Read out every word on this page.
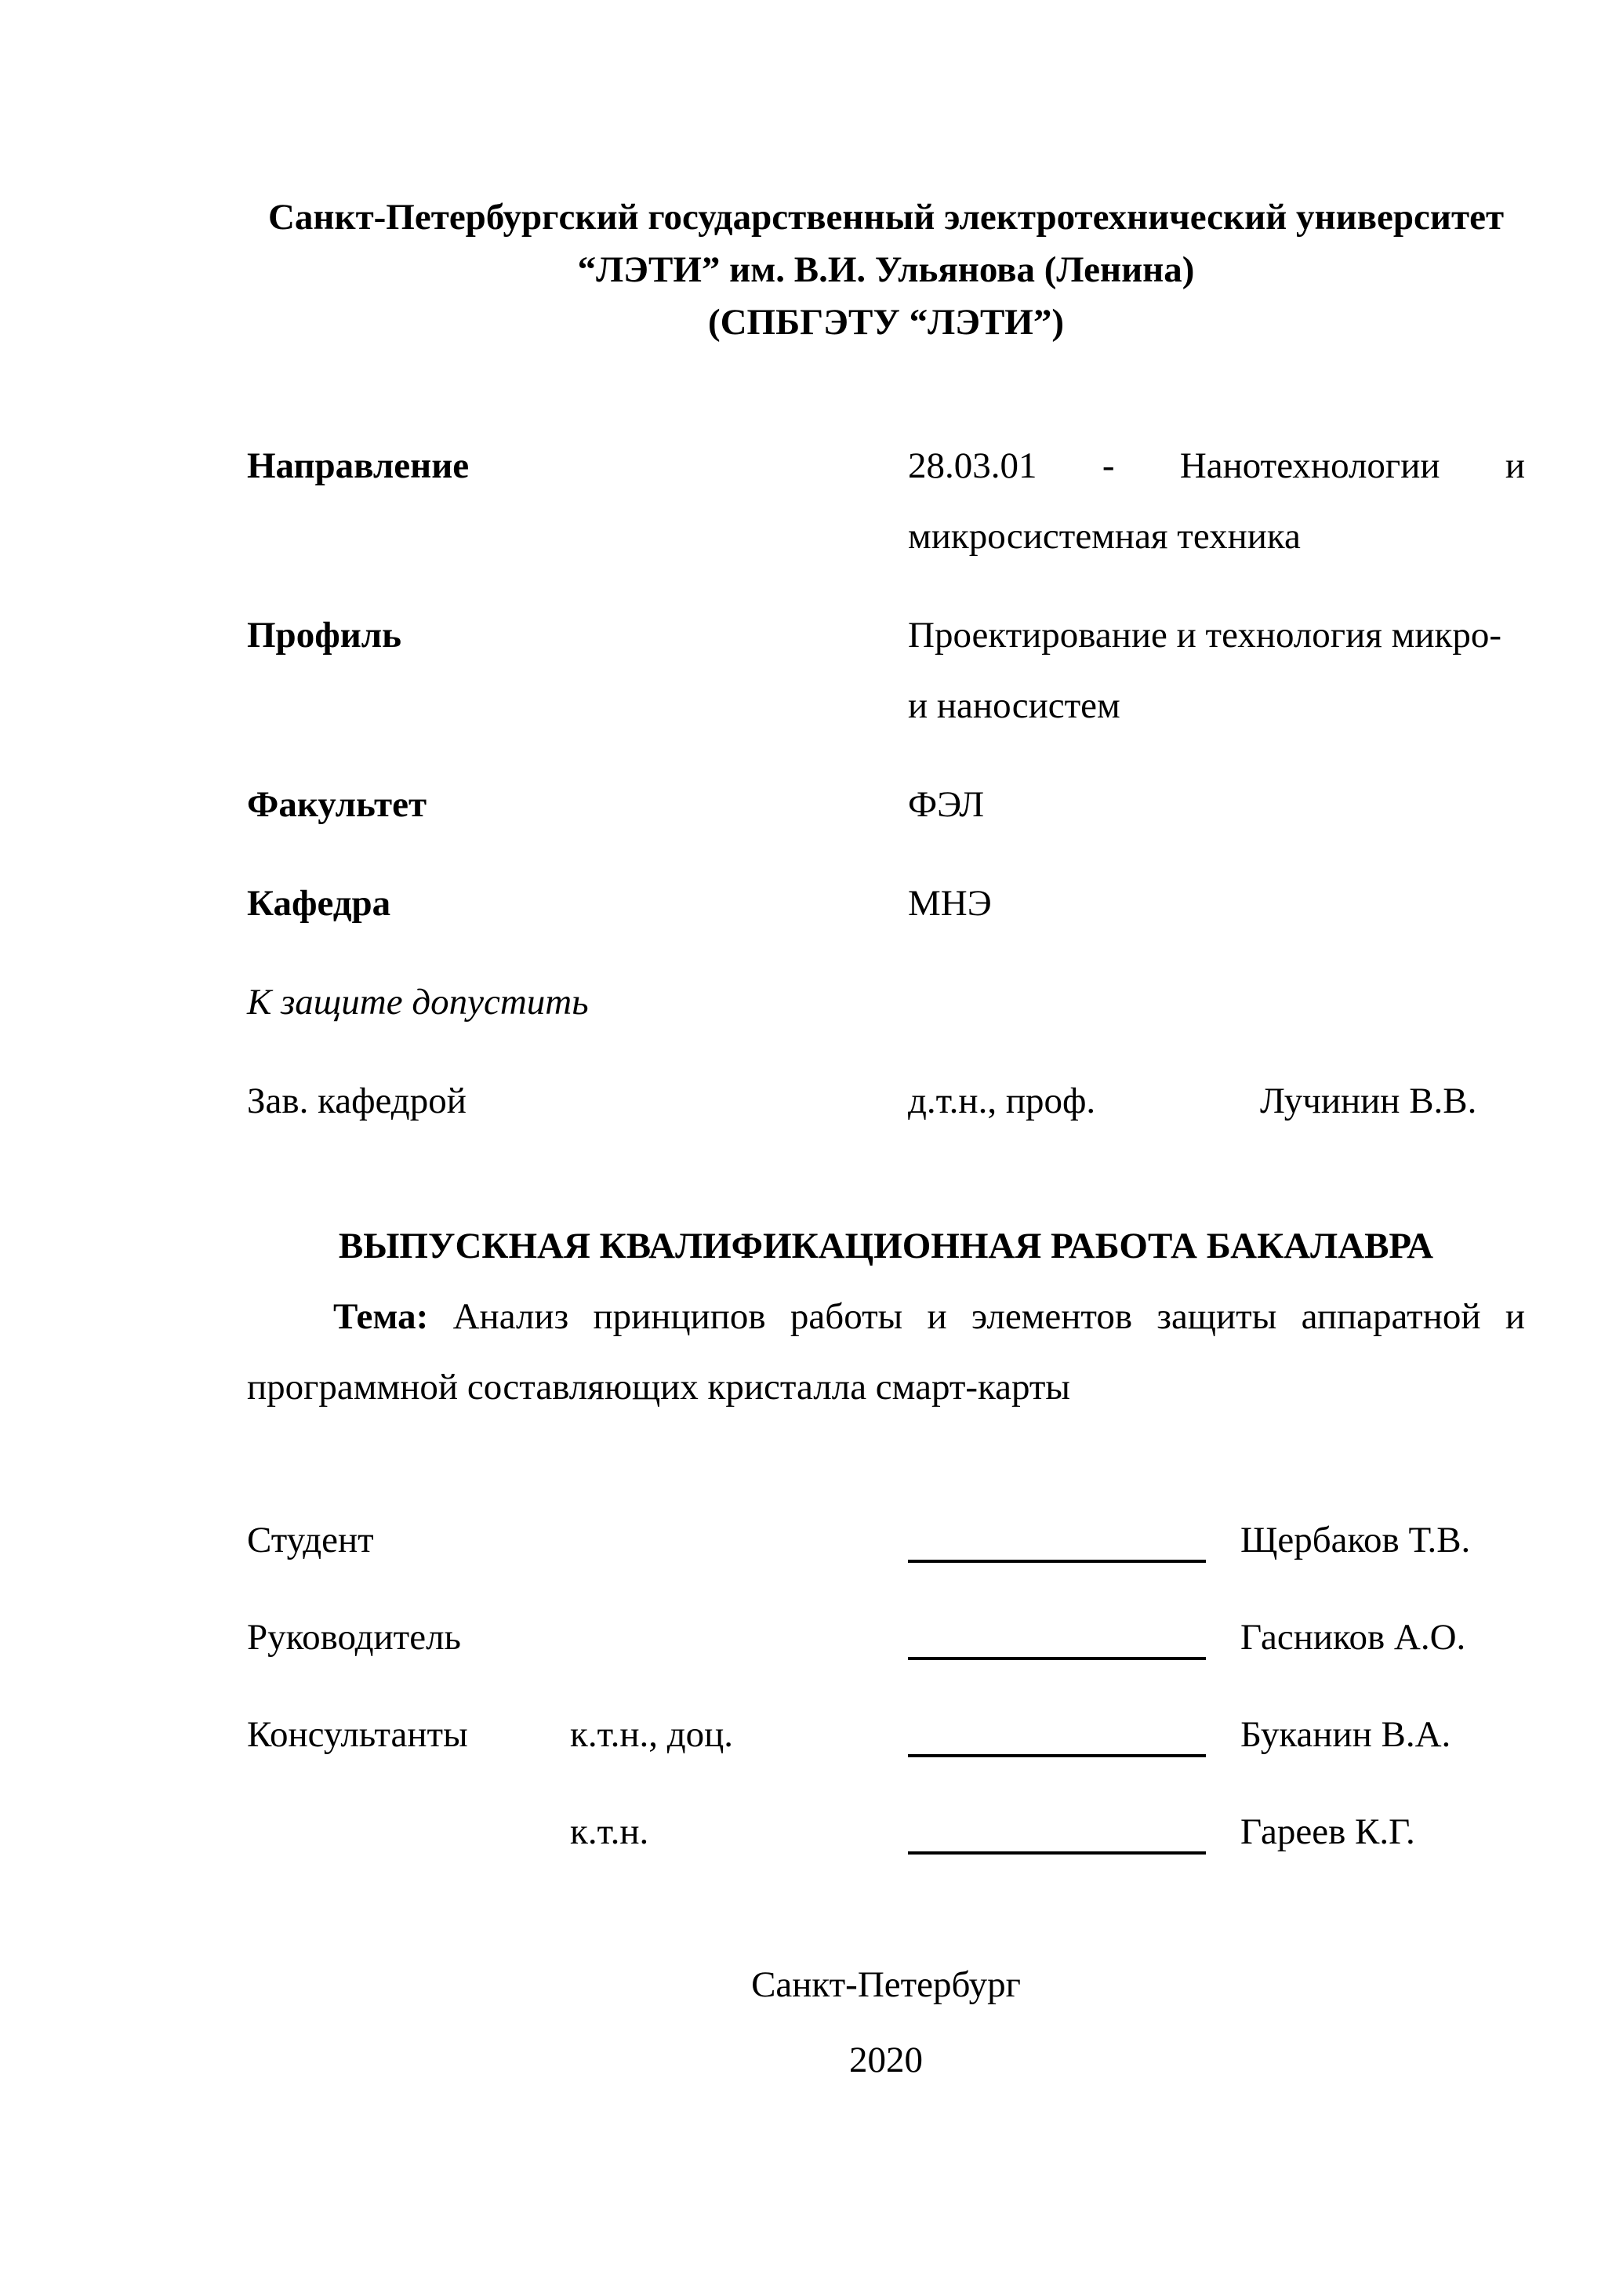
Санкт-Петербургский государственный электротехнический университет
“ЛЭТИ” им. В.И. Ульянова (Ленина)
(СПБГЭТУ “ЛЭТИ”)
Направление	28.03.01 - Нанотехнологии и
микросистемная техника
Профиль	Проектирование и технология микро-
и наносистем
Факультет	ФЭЛ
Кафедра	МНЭ
К защите допустить
Зав. кафедрой	д.т.н., проф.	Лучинин В.В.
ВЫПУСКНАЯ КВАЛИФИКАЦИОННАЯ РАБОТА БАКАЛАВРА
Тема: Анализ принципов работы и элементов защиты аппаратной и
программной составляющих кристалла смарт-карты
Студент	Щербаков Т.В.
Руководитель	Гасников А.О.
Консультанты	к.т.н., доц.	Буканин В.А.
к.т.н.	Гареев К.Г.
Санкт-Петербург
2020
